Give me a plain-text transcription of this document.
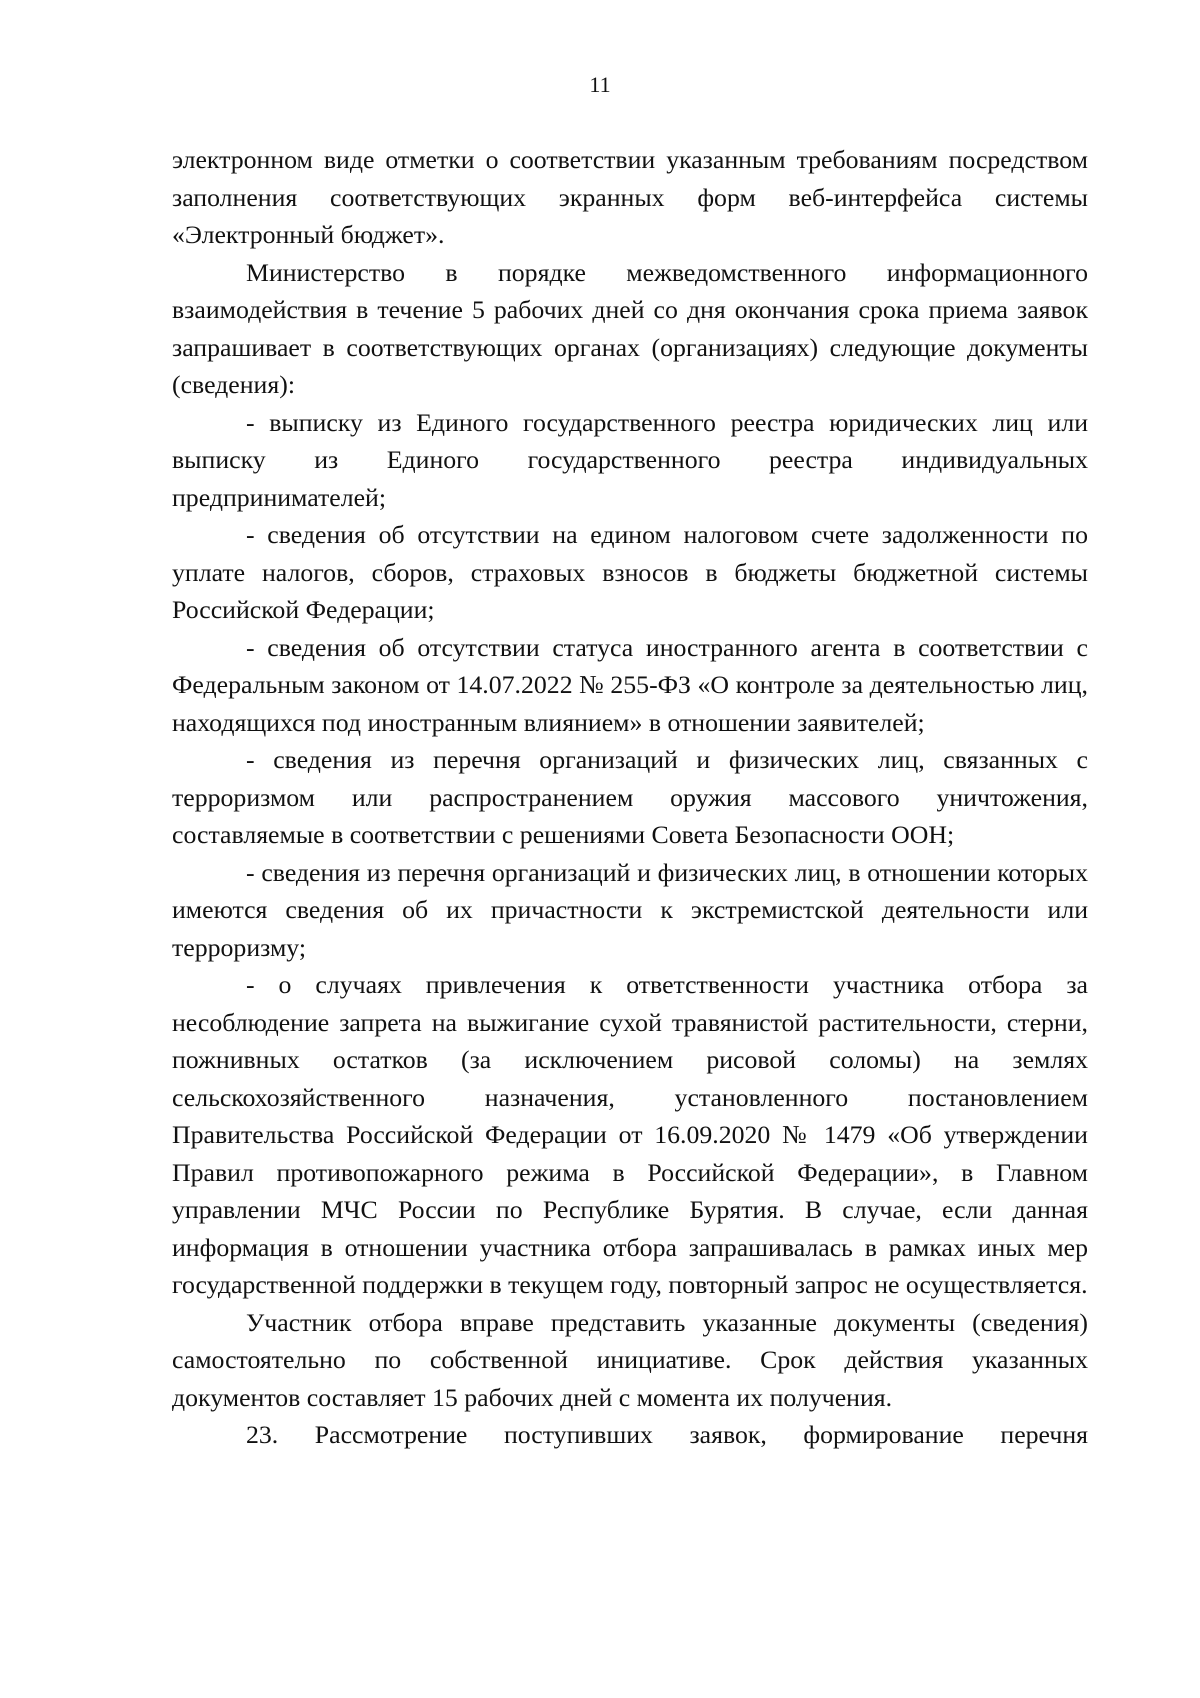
11

электронном виде отметки о соответствии указанным требованиям посредством заполнения соответствующих экранных форм веб-интерфейса системы «Электронный бюджет».

Министерство в порядке межведомственного информационного взаимодействия в течение 5 рабочих дней со дня окончания срока приема заявок запрашивает в соответствующих органах (организациях) следующие документы (сведения):

- выписку из Единого государственного реестра юридических лиц или выписку из Единого государственного реестра индивидуальных предпринимателей;

- сведения об отсутствии на едином налоговом счете задолженности по уплате налогов, сборов, страховых взносов в бюджеты бюджетной системы Российской Федерации;

- сведения об отсутствии статуса иностранного агента в соответствии с Федеральным законом от 14.07.2022 № 255-ФЗ «О контроле за деятельностью лиц, находящихся под иностранным влиянием» в отношении заявителей;

- сведения из перечня организаций и физических лиц, связанных с терроризмом или распространением оружия массового уничтожения, составляемые в соответствии с решениями Совета Безопасности ООН;

- сведения из перечня организаций и физических лиц, в отношении которых имеются сведения об их причастности к экстремистской деятельности или терроризму;

- о случаях привлечения к ответственности участника отбора за несоблюдение запрета на выжигание сухой травянистой растительности, стерни, пожнивных остатков (за исключением рисовой соломы) на землях сельскохозяйственного назначения, установленного постановлением Правительства Российской Федерации от 16.09.2020 № 1479 «Об утверждении Правил противопожарного режима в Российской Федерации», в Главном управлении МЧС России по Республике Бурятия. В случае, если данная информация в отношении участника отбора запрашивалась в рамках иных мер государственной поддержки в текущем году, повторный запрос не осуществляется.

Участник отбора вправе представить указанные документы (сведения) самостоятельно по собственной инициативе. Срок действия указанных документов составляет 15 рабочих дней с момента их получения.

23. Рассмотрение поступивших заявок, формирование перечня
